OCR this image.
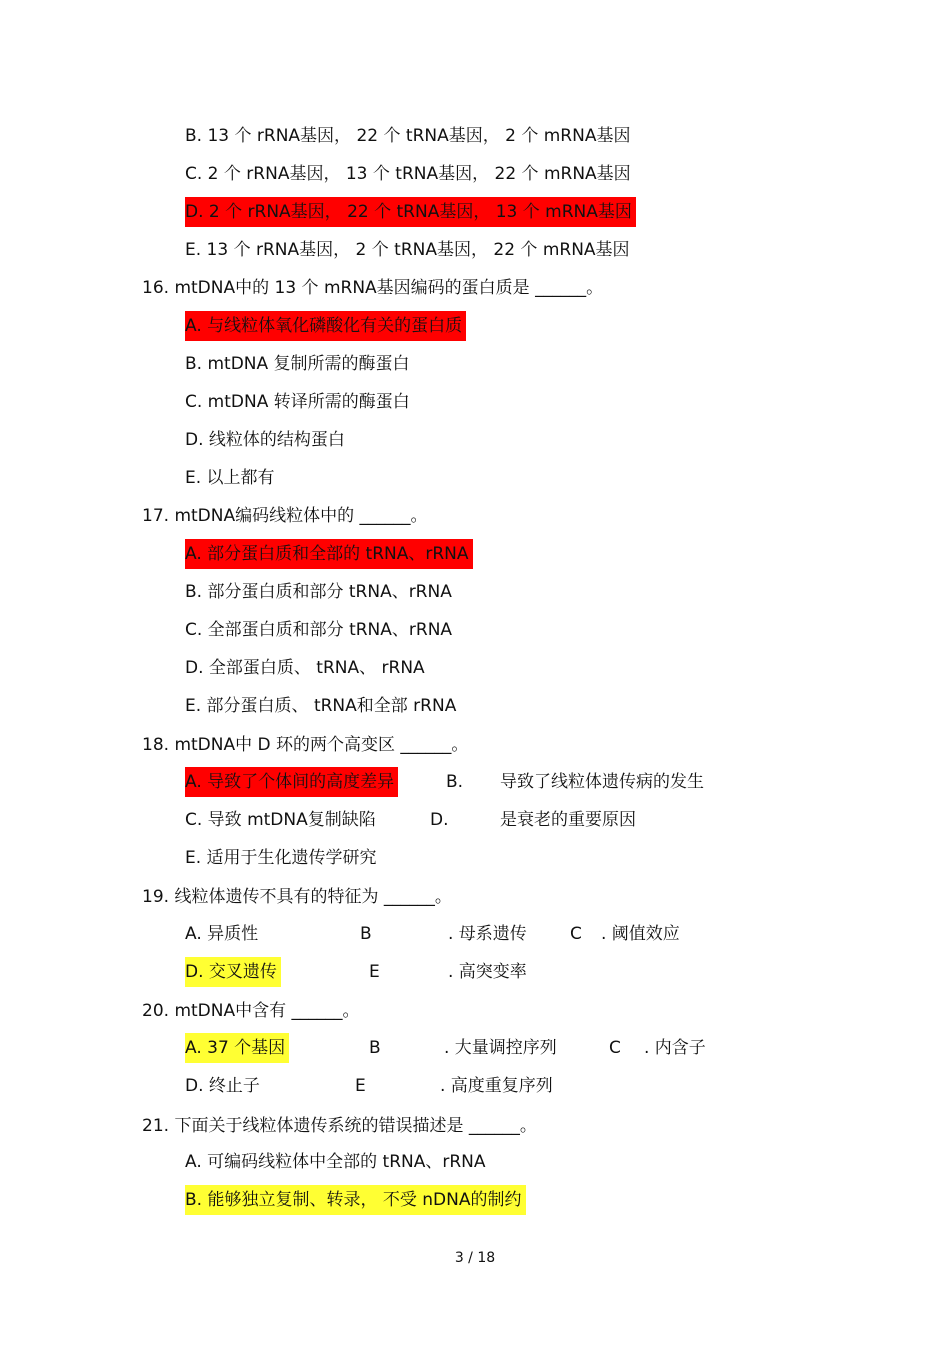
B. 13 个 rRNA基因， 22 个 tRNA基因， 2 个 mRNA基因
C. 2 个 rRNA基因， 13 个 tRNA基因， 22 个 mRNA基因
D. 2 个 rRNA基因， 22 个 tRNA基因， 13 个 mRNA基因
E. 13 个 rRNA基因， 2 个 tRNA基因， 22 个 mRNA基因
16. mtDNA中的 13 个 mRNA基因编码的蛋白质是 ______。
A. 与线粒体氧化磷酸化有关的蛋白质
B. mtDNA 复制所需的酶蛋白
C. mtDNA 转译所需的酶蛋白
D. 线粒体的结构蛋白
E. 以上都有
17. mtDNA编码线粒体中的 ______。
A. 部分蛋白质和全部的 tRNA、rRNA
B. 部分蛋白质和部分 tRNA、rRNA
C. 全部蛋白质和部分 tRNA、rRNA
D. 全部蛋白质、 tRNA、 rRNA
E. 部分蛋白质、 tRNA和全部 rRNA
18. mtDNA中 D 环的两个高变区 ______。
A. 导致了个体间的高度差异	B. 导致了线粒体遗传病的发生
C. 导致 mtDNA复制缺陷	D.	是衰老的重要原因
E. 适用于生化遗传学研究
19. 线粒体遗传不具有的特征为 ______。
A. 异质性	B	. 母系遗传	C . 阈值效应
D. 交叉遗传	E	. 高突变率
20. mtDNA中含有 ______。
A. 37 个基因	B	. 大量调控序列	C . 内含子
D. 终止子	E	. 高度重复序列
21. 下面关于线粒体遗传系统的错误描述是 ______。
A. 可编码线粒体中全部的 tRNA、rRNA
B. 能够独立复制、转录， 不受 nDNA的制约
3 / 18
